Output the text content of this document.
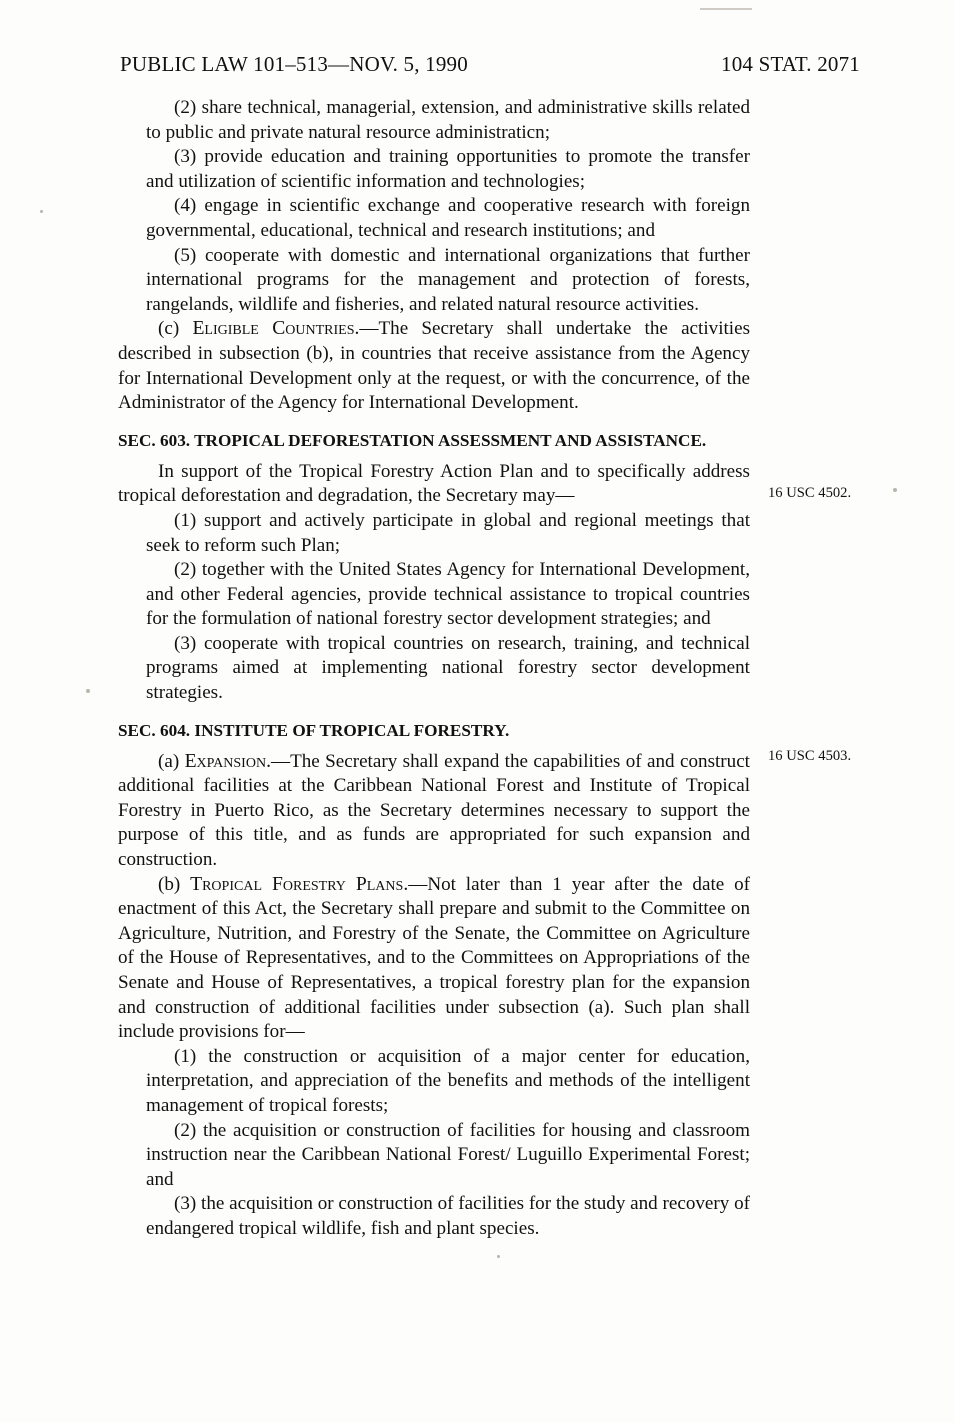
PUBLIC LAW 101–513—NOV. 5, 1990	104 STAT. 2071

(2) share technical, managerial, extension, and administrative skills related to public and private natural resource administraticn;

(3) provide education and training opportunities to promote the transfer and utilization of scientific information and technologies;

(4) engage in scientific exchange and cooperative research with foreign governmental, educational, technical and research institutions; and

(5) cooperate with domestic and international organizations that further international programs for the management and protection of forests, rangelands, wildlife and fisheries, and related natural resource activities.

(c) Eligible Countries.—The Secretary shall undertake the activities described in subsection (b), in countries that receive assistance from the Agency for International Development only at the request, or with the concurrence, of the Administrator of the Agency for International Development.

SEC. 603. TROPICAL DEFORESTATION ASSESSMENT AND ASSISTANCE.

In support of the Tropical Forestry Action Plan and to specifically address tropical deforestation and degradation, the Secretary may—

(1) support and actively participate in global and regional meetings that seek to reform such Plan;

(2) together with the United States Agency for International Development, and other Federal agencies, provide technical assistance to tropical countries for the formulation of national forestry sector development strategies; and

(3) cooperate with tropical countries on research, training, and technical programs aimed at implementing national forestry sector development strategies.

SEC. 604. INSTITUTE OF TROPICAL FORESTRY.

(a) Expansion.—The Secretary shall expand the capabilities of and construct additional facilities at the Caribbean National Forest and Institute of Tropical Forestry in Puerto Rico, as the Secretary determines necessary to support the purpose of this title, and as funds are appropriated for such expansion and construction.

(b) Tropical Forestry Plans.—Not later than 1 year after the date of enactment of this Act, the Secretary shall prepare and submit to the Committee on Agriculture, Nutrition, and Forestry of the Senate, the Committee on Agriculture of the House of Representatives, and to the Committees on Appropriations of the Senate and House of Representatives, a tropical forestry plan for the expansion and construction of additional facilities under subsection (a). Such plan shall include provisions for—

(1) the construction or acquisition of a major center for education, interpretation, and appreciation of the benefits and methods of the intelligent management of tropical forests;

(2) the acquisition or construction of facilities for housing and classroom instruction near the Caribbean National Forest/ Luguillo Experimental Forest; and

(3) the acquisition or construction of facilities for the study and recovery of endangered tropical wildlife, fish and plant species.

16 USC 4502.
16 USC 4503.
